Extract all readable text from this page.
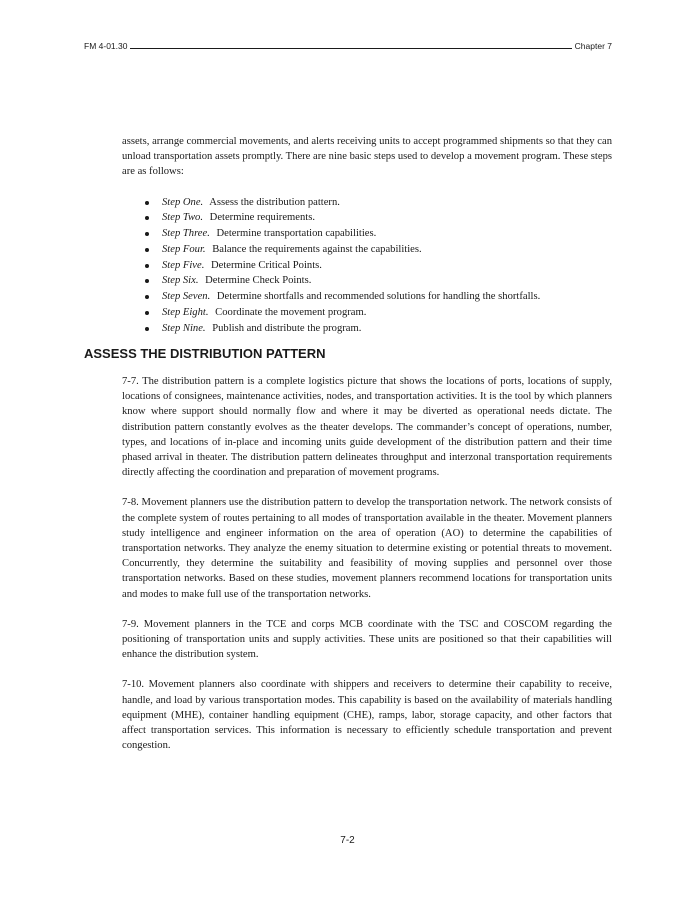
FM 4-01.30	Chapter 7

assets, arrange commercial movements, and alerts receiving units to accept programmed shipments so that they can unload transportation assets promptly. There are nine basic steps used to develop a movement program. These steps are as follows:

Step One. Assess the distribution pattern.
Step Two. Determine requirements.
Step Three. Determine transportation capabilities.
Step Four. Balance the requirements against the capabilities.
Step Five. Determine Critical Points.
Step Six. Determine Check Points.
Step Seven. Determine shortfalls and recommended solutions for handling the shortfalls.
Step Eight. Coordinate the movement program.
Step Nine. Publish and distribute the program.
ASSESS THE DISTRIBUTION PATTERN

7-7. The distribution pattern is a complete logistics picture that shows the locations of ports, locations of supply, locations of consignees, maintenance activities, nodes, and transportation activities. It is the tool by which planners know where support should normally flow and where it may be diverted as operational needs dictate. The distribution pattern constantly evolves as the theater develops. The commander’s concept of operations, number, types, and locations of in-place and incoming units guide development of the distribution pattern and their time phased arrival in theater. The distribution pattern delineates throughput and interzonal transportation requirements directly affecting the coordination and preparation of movement programs.

7-8. Movement planners use the distribution pattern to develop the transportation network. The network consists of the complete system of routes pertaining to all modes of transportation available in the theater. Movement planners study intelligence and engineer information on the area of operation (AO) to determine the capabilities of transportation networks. They analyze the enemy situation to determine existing or potential threats to movement. Concurrently, they determine the suitability and feasibility of moving supplies and personnel over those transportation networks. Based on these studies, movement planners recommend locations for transportation units and modes to make full use of the transportation networks.

7-9. Movement planners in the TCE and corps MCB coordinate with the TSC and COSCOM regarding the positioning of transportation units and supply activities. These units are positioned so that their capabilities will enhance the distribution system.

7-10. Movement planners also coordinate with shippers and receivers to determine their capability to receive, handle, and load by various transportation modes. This capability is based on the availability of materials handling equipment (MHE), container handling equipment (CHE), ramps, labor, storage capacity, and other factors that affect transportation services. This information is necessary to efficiently schedule transportation and prevent congestion.

7-2
